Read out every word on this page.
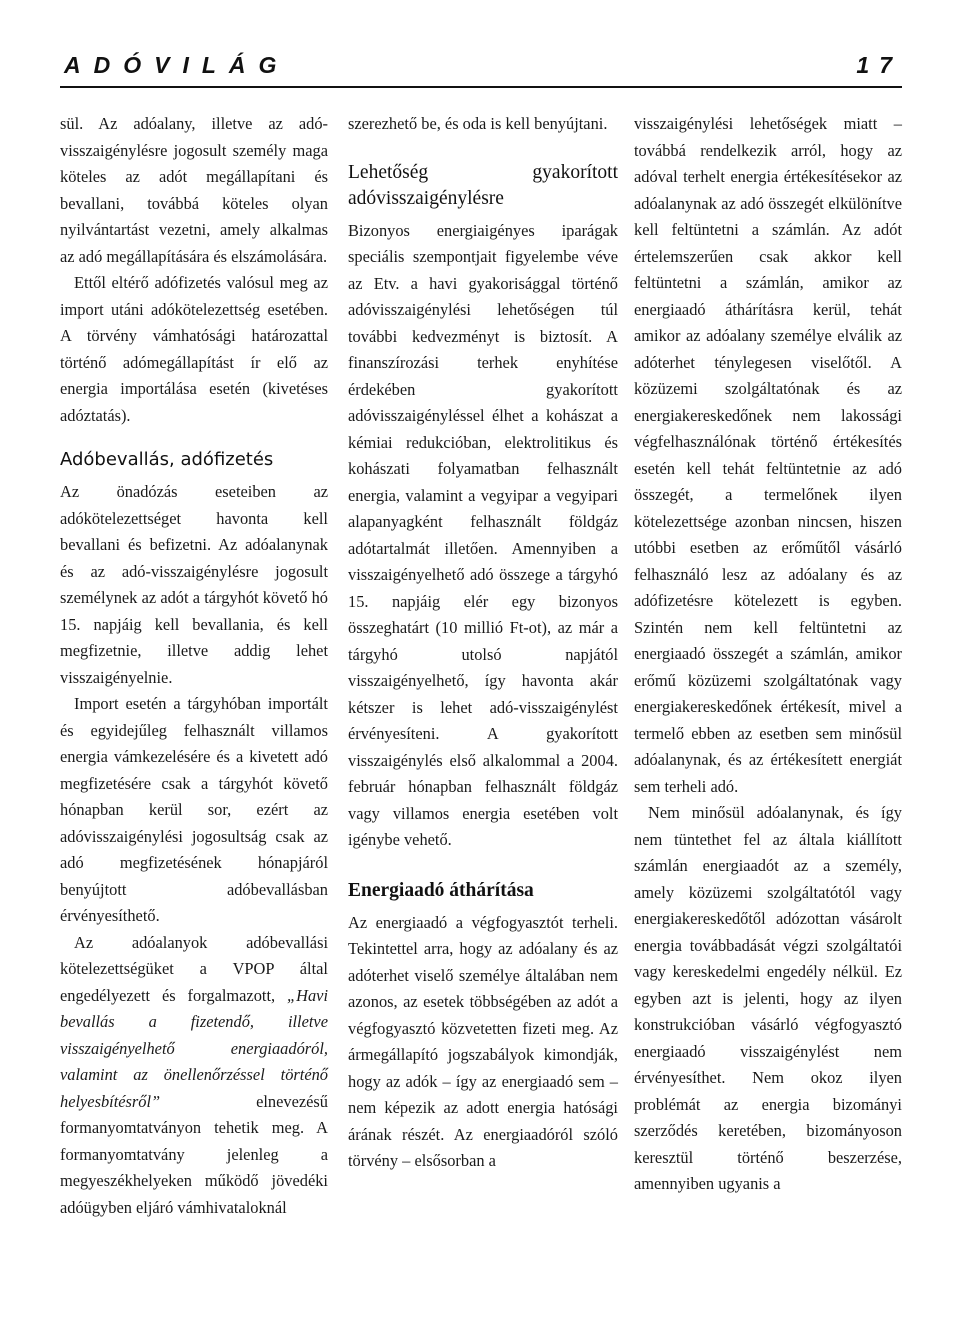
ADÓVILÁG	17

sül. Az adóalany, illetve az adó-visszaigénylésre jogosult személy maga köteles az adót megállapítani és bevallani, továbbá köteles olyan nyilvántartást vezetni, amely alkalmas az adó megállapítására és elszámolására.

Ettől eltérő adófizetés valósul meg az import utáni adókötelezettség esetében. A törvény vámhatósági határozattal történő adómegállapítást ír elő az energia importálása esetén (kivetéses adóztatás).

Adóbevallás, adófizetés

Az önadózás eseteiben az adókötelezettséget havonta kell bevallani és befizetni. Az adóalanynak és az adó-visszaigénylésre jogosult személynek az adót a tárgyhót követő hó 15. napjáig kell bevallania, és kell megfizetnie, illetve addig lehet visszaigényelnie.

Import esetén a tárgyhóban importált és egyidejűleg felhasznált villamos energia vámkezelésére és a kivetett adó megfizetésére csak a tárgyhót követő hónapban kerül sor, ezért az adóvisszaigénylési jogosultság csak az adó megfizetésének hónapjáról benyújtott adóbevallásban érvényesíthető.

Az adóalanyok adóbevallási kötelezettségüket a VPOP által engedélyezett és forgalmazott, „Havi bevallás a fizetendő, illetve visszaigényelhető energiaadóról, valamint az önellenőrzéssel történő helyesbítésről” elnevezésű formanyomtatványon tehetik meg. A formanyomtatvány jelenleg a megyeszékhelyeken működő jövedéki adóügyben eljáró vámhivataloknál

szerezhető be, és oda is kell benyújtani.

Lehetőség gyakorított adóvisszaigénylésre

Bizonyos energiaigényes iparágak speciális szempontjait figyelembe véve az Etv. a havi gyakorisággal történő adóvisszaigénylési lehetőségen túl további kedvezményt is biztosít. A finanszírozási terhek enyhítése érdekében gyakorított adóvisszaigényléssel élhet a kohászat a kémiai redukcióban, elektrolitikus és kohászati folyamatban felhasznált energia, valamint a vegyipar a vegyipari alapanyagként felhasznált földgáz adótartalmát illetően. Amennyiben a visszaigényelhető adó összege a tárgyhó 15. napjáig elér egy bizonyos összeghatárt (10 millió Ft-ot), az már a tárgyhó utolsó napjától visszaigényelhető, így havonta akár kétszer is lehet adó-visszaigénylést érvényesíteni. A gyakorított visszaigénylés első alkalommal a 2004. február hónapban felhasznált földgáz vagy villamos energia esetében volt igénybe vehető.

Energiaadó áthárítása

Az energiaadó a végfogyasztót terheli. Tekintettel arra, hogy az adóalany és az adóterhet viselő személye általában nem azonos, az esetek többségében az adót a végfogyasztó közvetetten fizeti meg. Az ármegállapító jogszabályok kimondják, hogy az adók – így az energiaadó sem – nem képezik az adott energia hatósági árának részét. Az energiaadóról szóló törvény – elsősorban a

visszaigénylési lehetőségek miatt – továbbá rendelkezik arról, hogy az adóval terhelt energia értékesítésekor az adóalanynak az adó összegét elkülönítve kell feltüntetni a számlán. Az adót értelemszerűen csak akkor kell feltüntetni a számlán, amikor az energiaadó áthárításra kerül, tehát amikor az adóalany személye elválik az adóterhet ténylegesen viselőtől. A közüzemi szolgáltatónak és az energiakereskedőnek nem lakossági végfelhasználónak történő értékesítés esetén kell tehát feltüntetnie az adó összegét, a termelőnek ilyen kötelezettsége azonban nincsen, hiszen utóbbi esetben az erőműtől vásárló felhasználó lesz az adóalany és az adófizetésre kötelezett is egyben. Szintén nem kell feltüntetni az energiaadó összegét a számlán, amikor erőmű közüzemi szolgáltatónak vagy energiakereskedőnek értékesít, mivel a termelő ebben az esetben sem minősül adóalanynak, és az értékesített energiát sem terheli adó.

Nem minősül adóalanynak, és így nem tüntethet fel az általa kiállított számlán energiaadót az a személy, amely közüzemi szolgáltatótól vagy energiakereskedőtől adózottan vásárolt energia továbbadását végzi szolgáltatói vagy kereskedelmi engedély nélkül. Ez egyben azt is jelenti, hogy az ilyen konstrukcióban vásárló végfogyasztó energiaadó visszaigénylést nem érvényesíthet. Nem okoz ilyen problémát az energia bizományi szerződés keretében, bizományoson keresztül történő beszerzése, amennyiben ugyanis a
